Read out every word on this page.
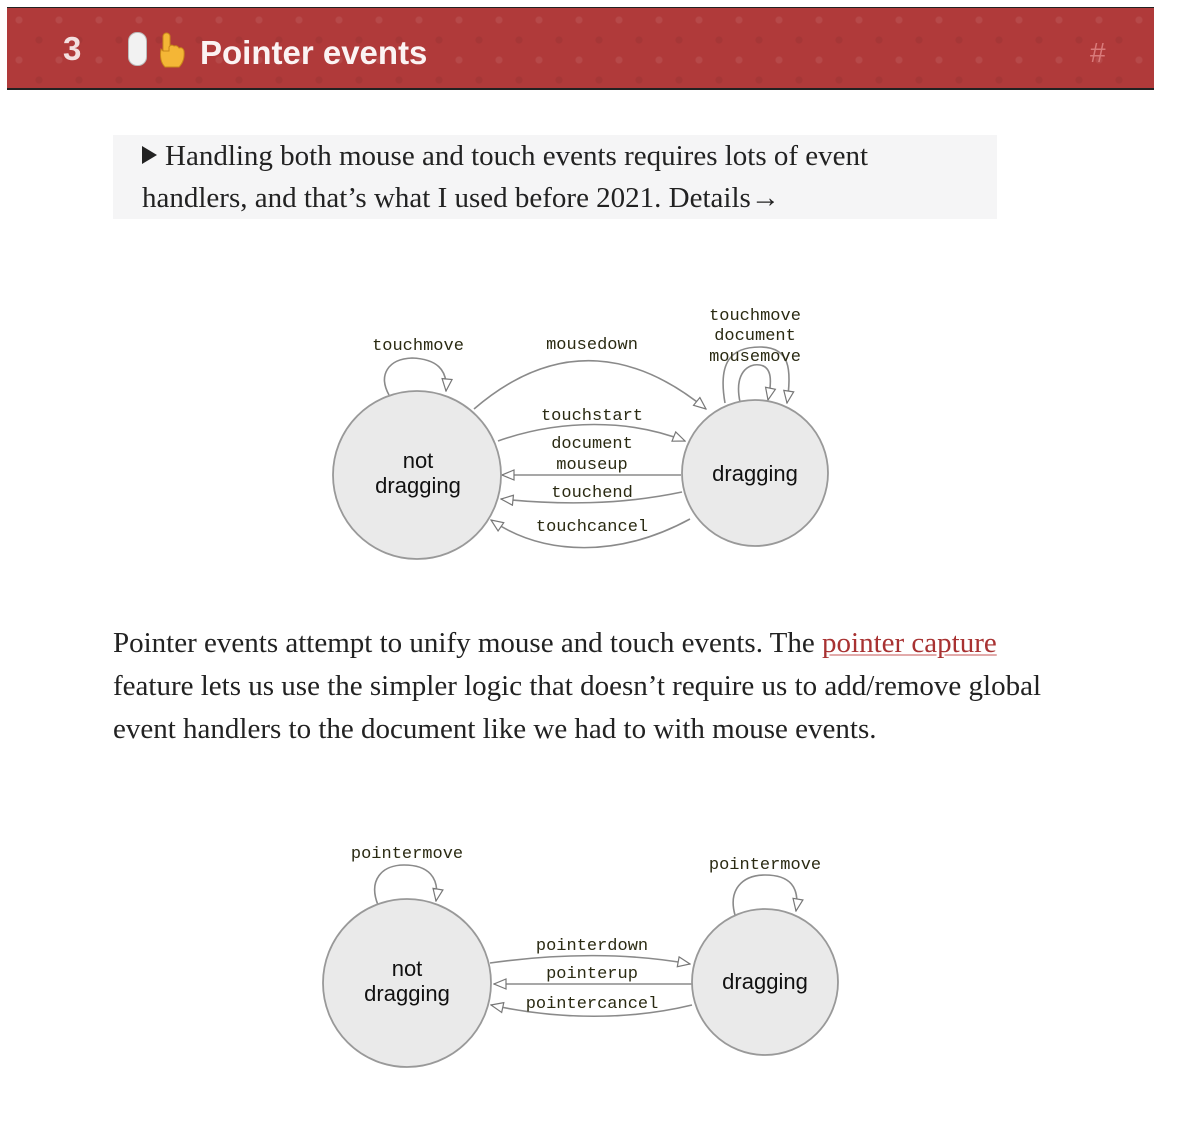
3	Pointer events	#
Handling both mouse and touch events requires lots of event handlers, and that’s what I used before 2021. Details→
not
dragging	dragging
touchmove	mousedown
touchmove
document
mousemove
touchstart
document
mouseup
touchend
touchcancel
Pointer events attempt to unify mouse and touch events. The pointer capture feature lets us use the simpler logic that doesn’t require us to add/remove global event handlers to the document like we had to with mouse events.
not
dragging	dragging
pointermove
pointermove
pointerdown
pointerup
pointercancel
